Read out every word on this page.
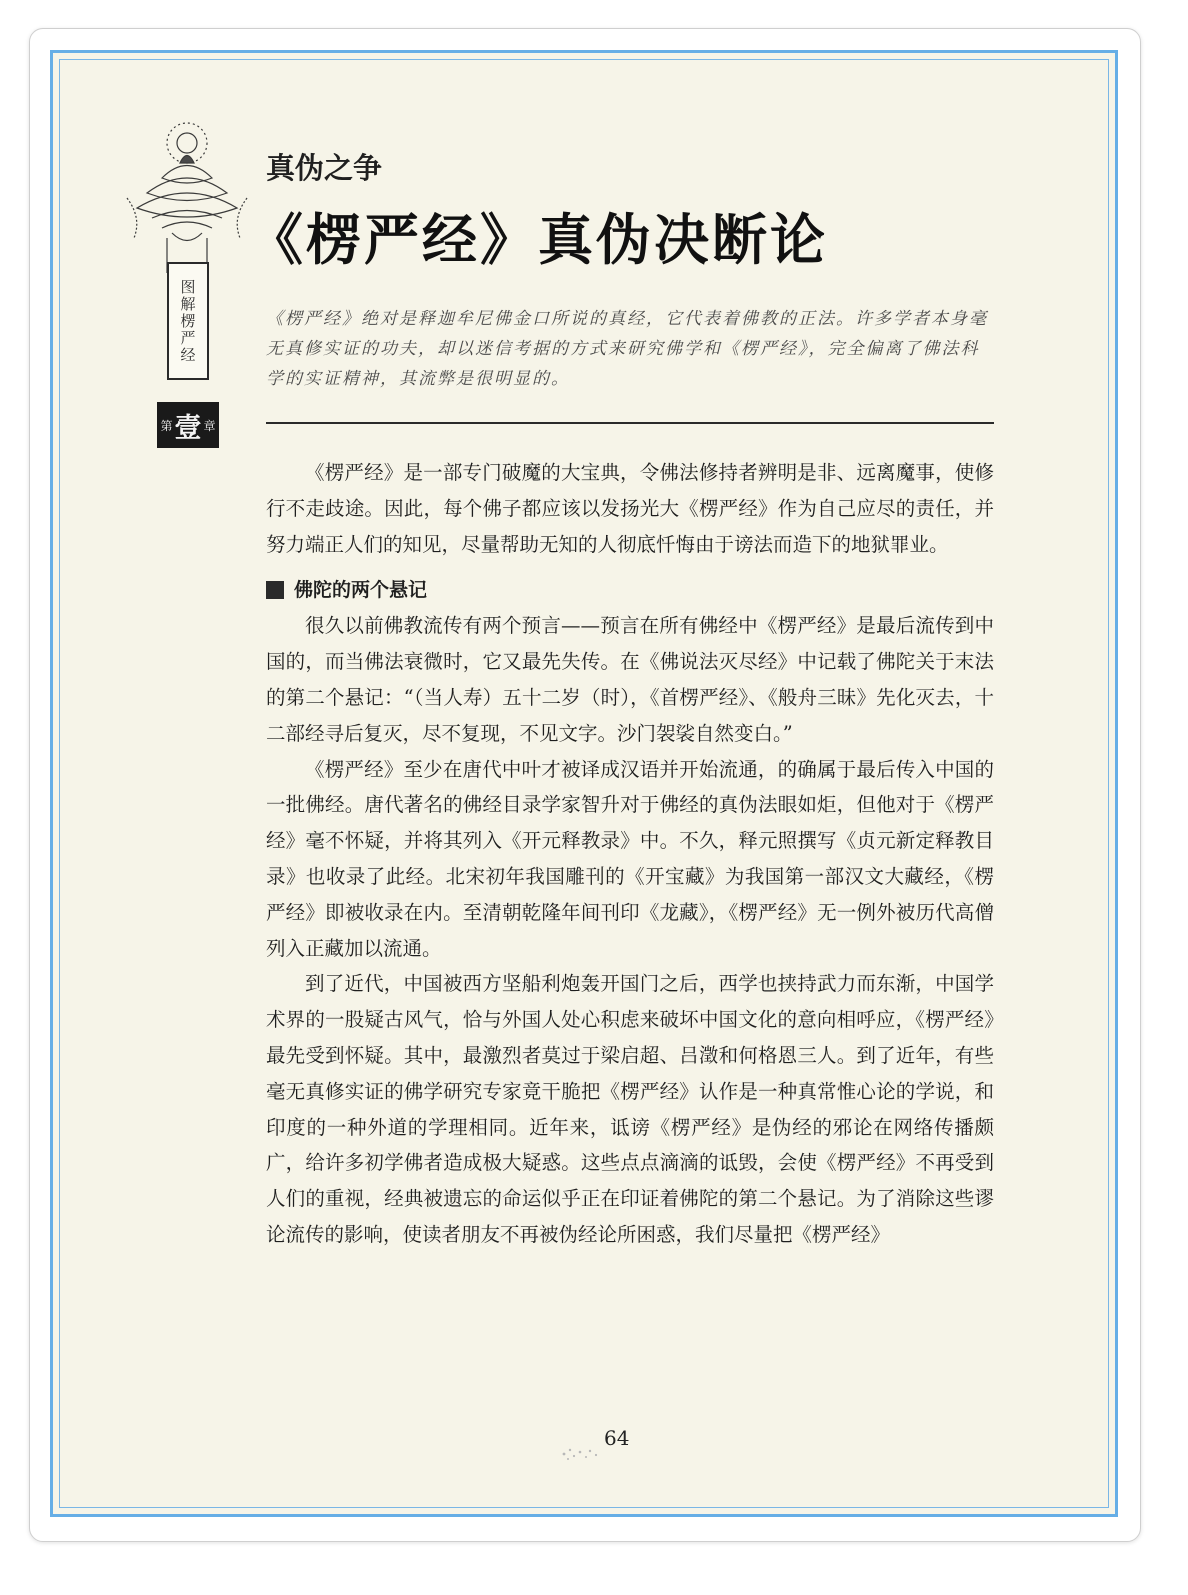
图解楞严经
第 壹 章
真伪之争
《楞严经》真伪决断论
《楞严经》绝对是释迦牟尼佛金口所说的真经，它代表着佛教的正法。许多学者本身毫无真修实证的功夫，却以迷信考据的方式来研究佛学和《楞严经》，完全偏离了佛法科学的实证精神，其流弊是很明显的。

《楞严经》是一部专门破魔的大宝典，令佛法修持者辨明是非、远离魔事，使修行不走歧途。因此，每个佛子都应该以发扬光大《楞严经》作为自己应尽的责任，并努力端正人们的知见，尽量帮助无知的人彻底忏悔由于谤法而造下的地狱罪业。

佛陀的两个悬记

很久以前佛教流传有两个预言——预言在所有佛经中《楞严经》是最后流传到中国的，而当佛法衰微时，它又最先失传。在《佛说法灭尽经》中记载了佛陀关于末法的第二个悬记：“（当人寿）五十二岁（时），《首楞严经》、《般舟三昧》先化灭去，十二部经寻后复灭，尽不复现，不见文字。沙门袈裟自然变白。”

《楞严经》至少在唐代中叶才被译成汉语并开始流通，的确属于最后传入中国的一批佛经。唐代著名的佛经目录学家智升对于佛经的真伪法眼如炬，但他对于《楞严经》毫不怀疑，并将其列入《开元释教录》中。不久，释元照撰写《贞元新定释教目录》也收录了此经。北宋初年我国雕刊的《开宝藏》为我国第一部汉文大藏经，《楞严经》即被收录在内。至清朝乾隆年间刊印《龙藏》，《楞严经》无一例外被历代高僧列入正藏加以流通。

到了近代，中国被西方坚船利炮轰开国门之后，西学也挟持武力而东渐，中国学术界的一股疑古风气，恰与外国人处心积虑来破坏中国文化的意向相呼应，《楞严经》最先受到怀疑。其中，最激烈者莫过于梁启超、吕澂和何格恩三人。到了近年，有些毫无真修实证的佛学研究专家竟干脆把《楞严经》认作是一种真常惟心论的学说，和印度的一种外道的学理相同。近年来，诋谤《楞严经》是伪经的邪论在网络传播颇广，给许多初学佛者造成极大疑惑。这些点点滴滴的诋毁，会使《楞严经》不再受到人们的重视，经典被遗忘的命运似乎正在印证着佛陀的第二个悬记。为了消除这些谬论流传的影响，使读者朋友不再被伪经论所困惑，我们尽量把《楞严经》

64
